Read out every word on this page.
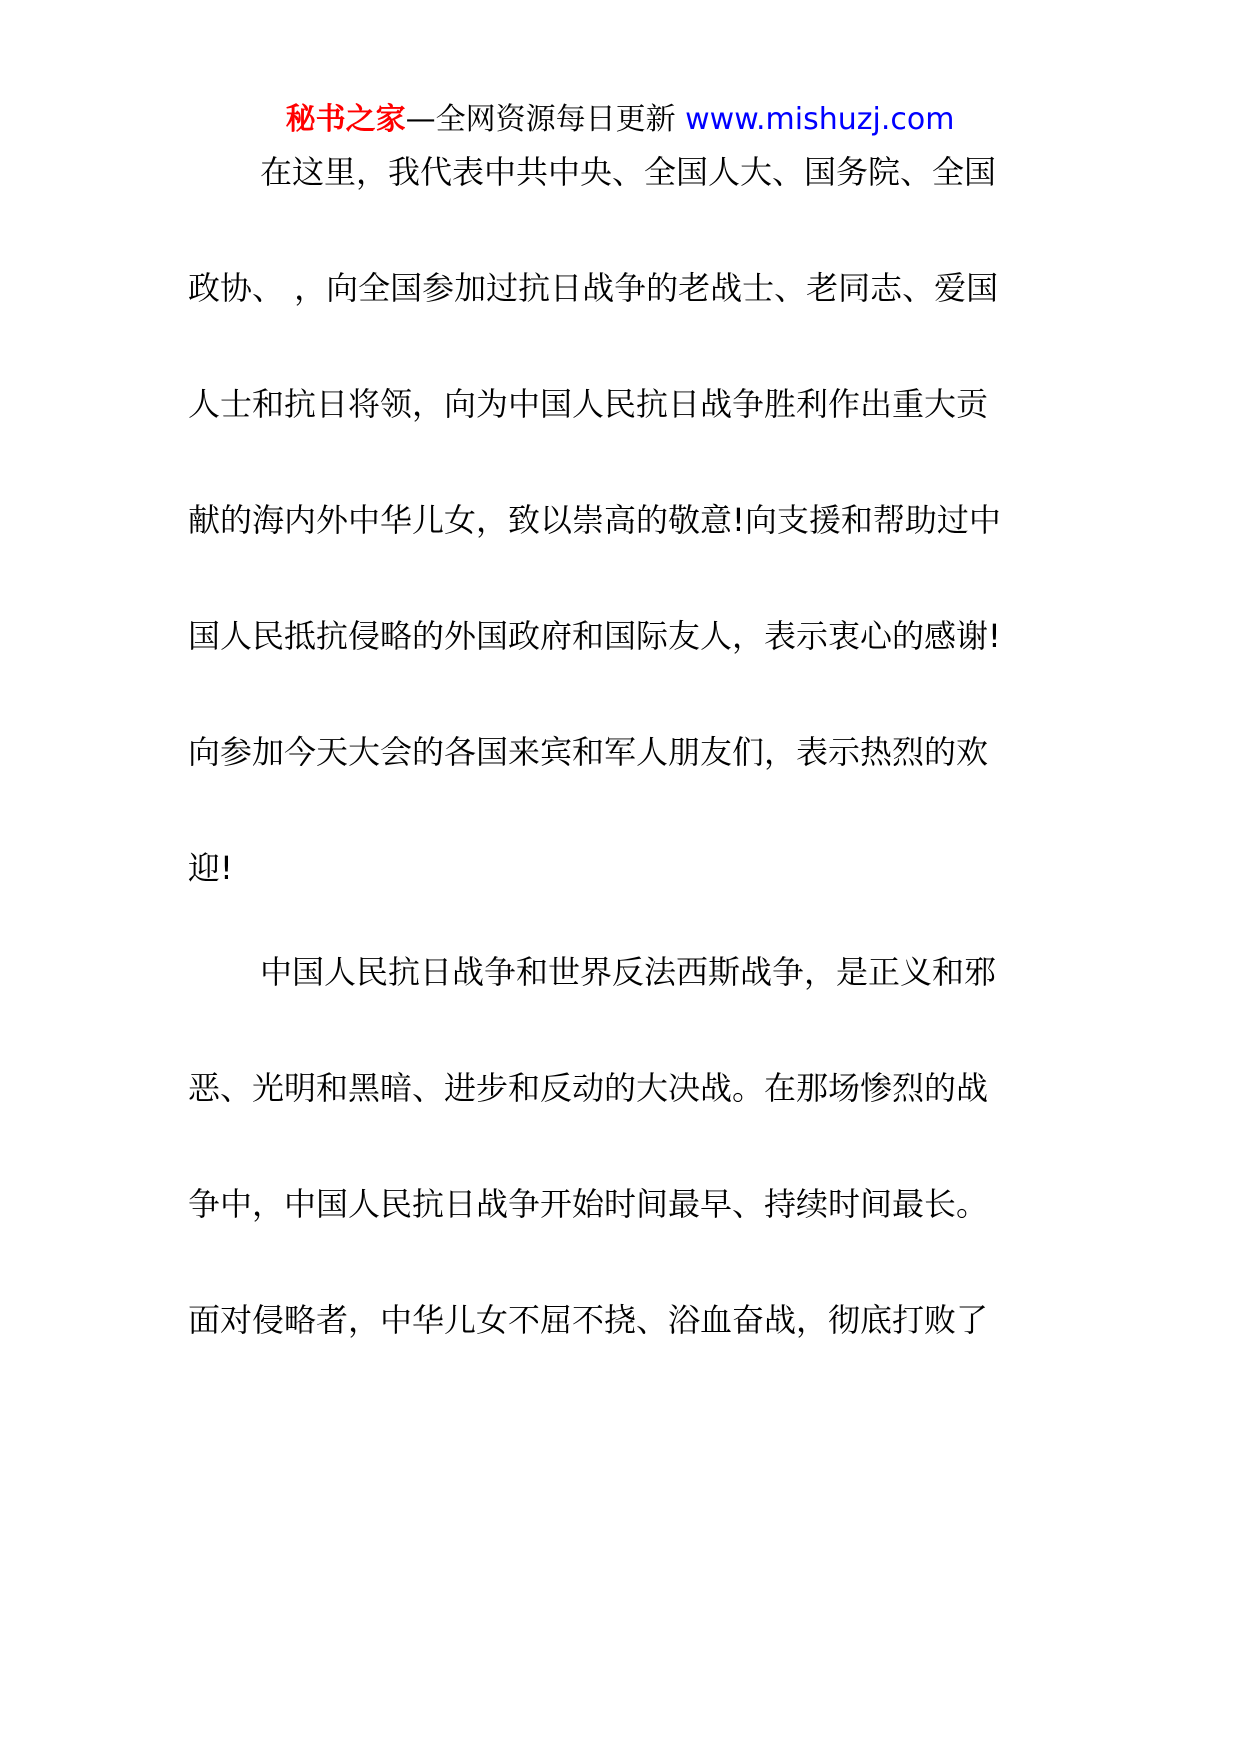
秘书之家—全网资源每日更新 www.mishuzj.com
在这里，我代表中共中央、全国人大、国务院、全国
政协、 ，向全国参加过抗日战争的老战士、老同志、爱国
人士和抗日将领，向为中国人民抗日战争胜利作出重大贡
献的海内外中华儿女，致以崇高的敬意!向支援和帮助过中
国人民抵抗侵略的外国政府和国际友人，表示衷心的感谢!
向参加今天大会的各国来宾和军人朋友们，表示热烈的欢
迎!
中国人民抗日战争和世界反法西斯战争，是正义和邪
恶、光明和黑暗、进步和反动的大决战。在那场惨烈的战
争中，中国人民抗日战争开始时间最早、持续时间最长。
面对侵略者，中华儿女不屈不挠、浴血奋战，彻底打败了
